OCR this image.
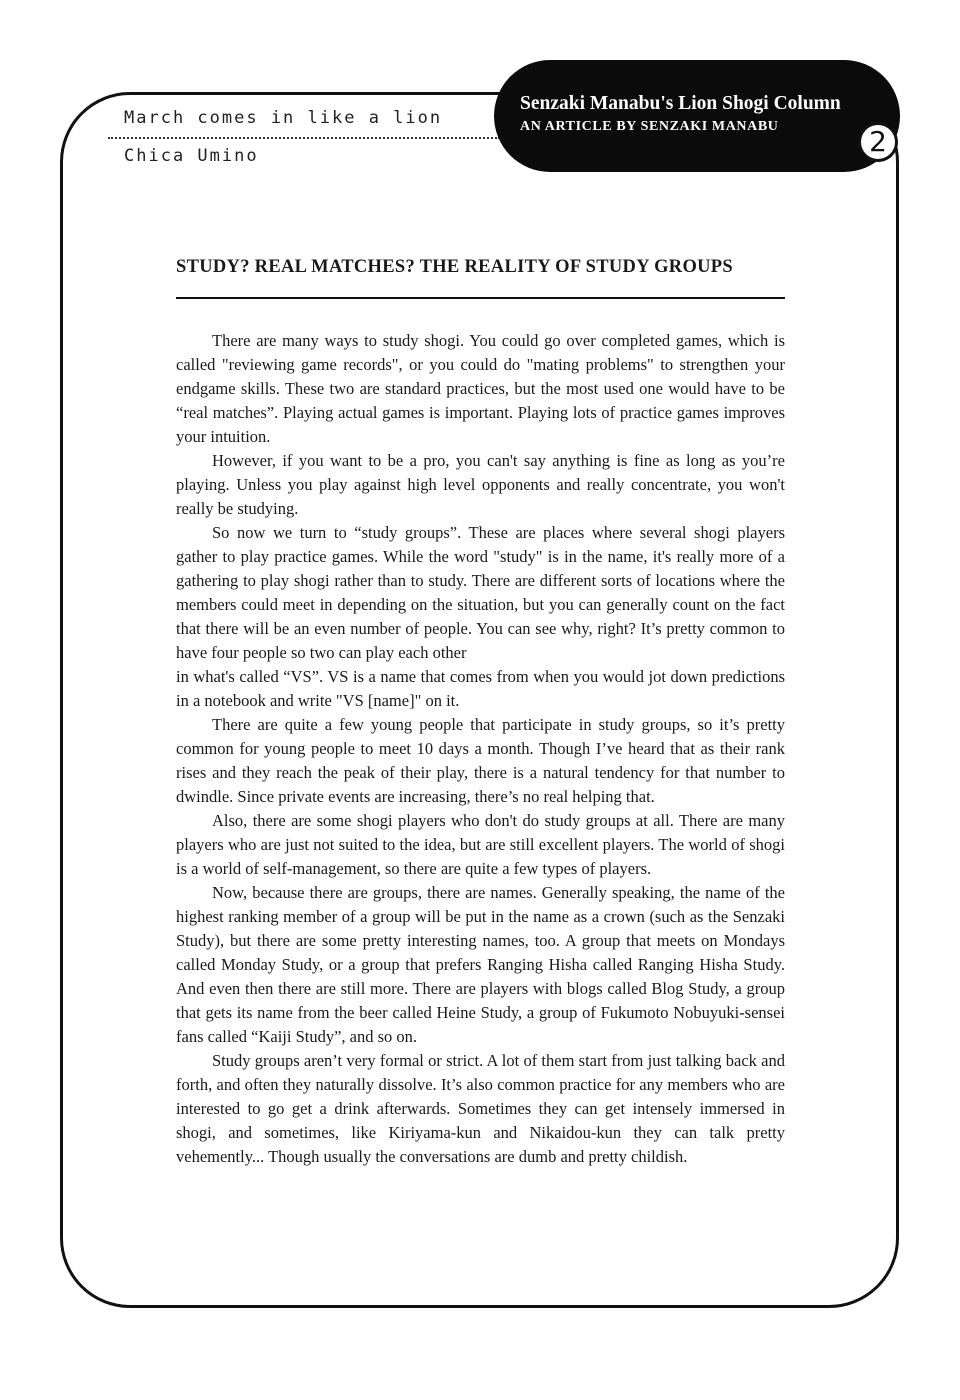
March comes in like a lion
Chica Umino
Senzaki Manabu's Lion Shogi Column
AN ARTICLE BY SENZAKI MANABU	2
STUDY? REAL MATCHES? THE REALITY OF STUDY GROUPS

There are many ways to study shogi. You could go over completed games, which is called "reviewing game records", or you could do "mating problems" to strengthen your endgame skills. These two are standard practices, but the most used one would have to be “real matches”. Playing actual games is important. Playing lots of practice games improves your intuition.

However, if you want to be a pro, you can't say anything is fine as long as you’re playing. Unless you play against high level opponents and really concentrate, you won't really be studying.

So now we turn to “study groups”. These are places where several shogi players gather to play practice games. While the word "study" is in the name, it's really more of a gathering to play shogi rather than to study. There are different sorts of locations where the members could meet in depending on the situation, but you can generally count on the fact that there will be an even number of people. You can see why, right? It’s pretty common to have four people so two can play each other

in what's called “VS”. VS is a name that comes from when you would jot down predictions in a notebook and write "VS [name]" on it.

There are quite a few young people that participate in study groups, so it’s pretty common for young people to meet 10 days a month. Though I’ve heard that as their rank rises and they reach the peak of their play, there is a natural tendency for that number to dwindle. Since private events are increasing, there’s no real helping that.

Also, there are some shogi players who don't do study groups at all. There are many players who are just not suited to the idea, but are still excellent players. The world of shogi is a world of self-management, so there are quite a few types of players.

Now, because there are groups, there are names. Generally speaking, the name of the highest ranking member of a group will be put in the name as a crown (such as the Senzaki Study), but there are some pretty interesting names, too. A group that meets on Mondays called Monday Study, or a group that prefers Ranging Hisha called Ranging Hisha Study. And even then there are still more. There are players with blogs called Blog Study, a group that gets its name from the beer called Heine Study, a group of Fukumoto Nobuyuki-sensei fans called “Kaiji Study”, and so on.

Study groups aren’t very formal or strict. A lot of them start from just talking back and forth, and often they naturally dissolve. It’s also common practice for any members who are interested to go get a drink afterwards. Sometimes they can get intensely immersed in shogi, and sometimes, like Kiriyama-kun and Nikaidou-kun they can talk pretty vehemently... Though usually the conversations are dumb and pretty childish.
